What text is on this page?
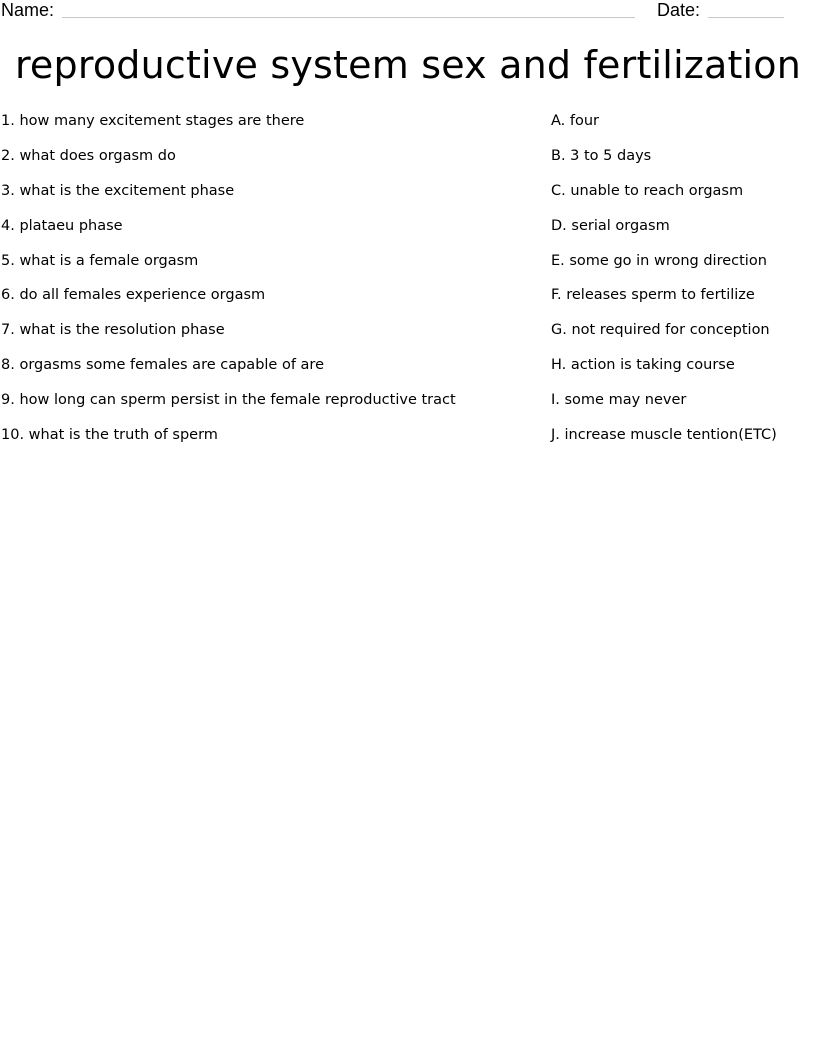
Name:	Date:
reproductive system sex and fertilization
1. how many excitement stages are there	A. four
2. what does orgasm do	B. 3 to 5 days
3. what is the excitement phase	C. unable to reach orgasm
4. plataeu phase	D. serial orgasm
5. what is a female orgasm	E. some go in wrong direction
6. do all females experience orgasm	F. releases sperm to fertilize
7. what is the resolution phase	G. not required for conception
8. orgasms some females are capable of are	H. action is taking course
9. how long can sperm persist in the female reproductive tract	I. some may never
10. what is the truth of sperm	J. increase muscle tention(ETC)
